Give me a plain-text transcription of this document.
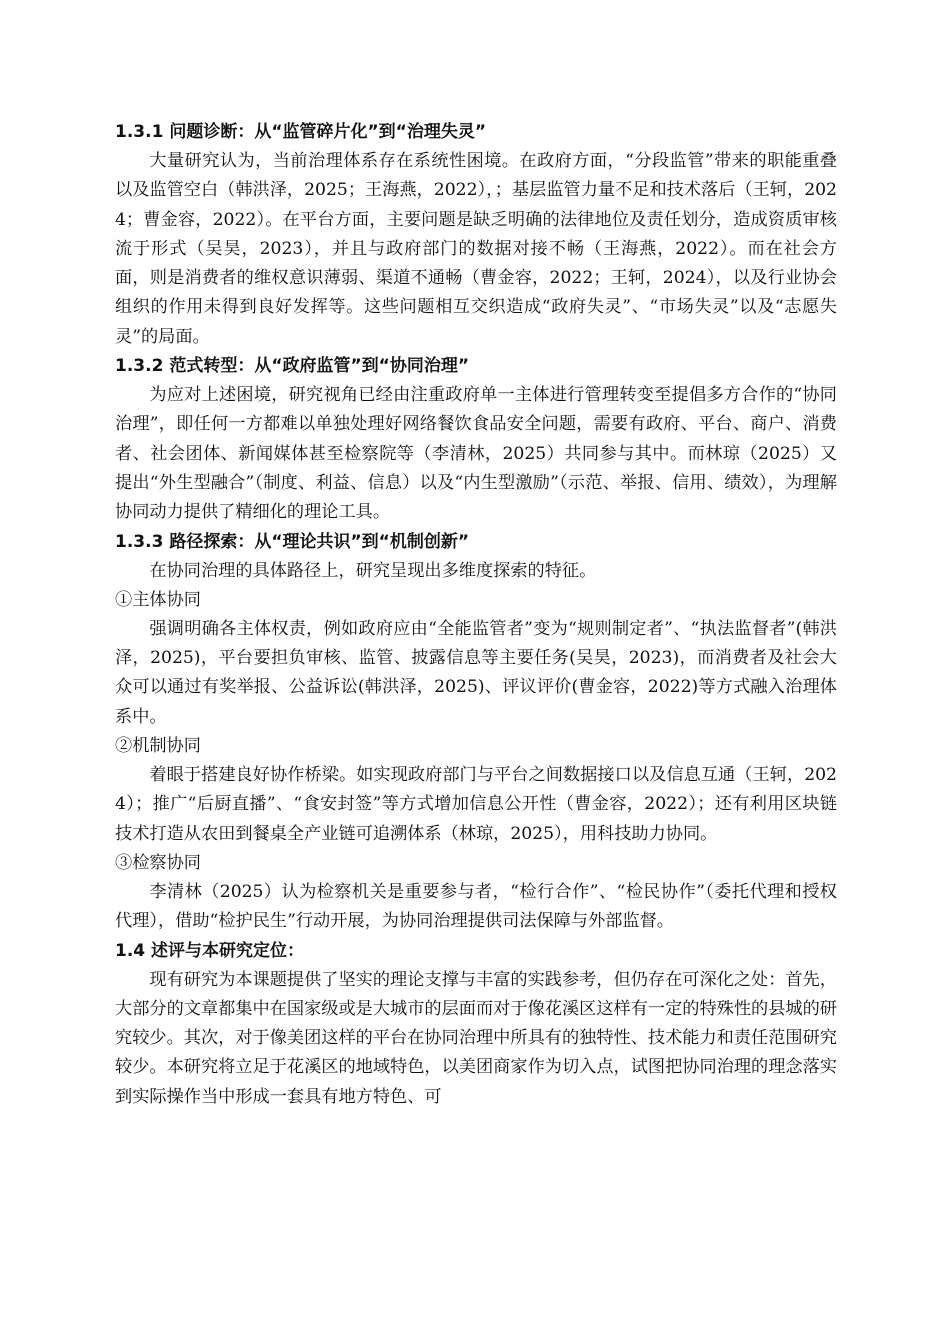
1.3.1 问题诊断：从“监管碎片化”到“治理失灵”

大量研究认为，当前治理体系存在系统性困境。在政府方面，“分段监管”带来的职能重叠以及监管空白（韩洪泽，2025；王海燕，2022），；基层监管力量不足和技术落后（王轲，2024；曹金容，2022）。在平台方面，主要问题是缺乏明确的法律地位及责任划分，造成资质审核流于形式（吴昊，2023），并且与政府部门的数据对接不畅（王海燕，2022）。而在社会方面，则是消费者的维权意识薄弱、渠道不通畅（曹金容，2022；王轲，2024），以及行业协会组织的作用未得到良好发挥等。这些问题相互交织造成“政府失灵”、“市场失灵”以及“志愿失灵”的局面。

1.3.2 范式转型：从“政府监管”到“协同治理”

为应对上述困境，研究视角已经由注重政府单一主体进行管理转变至提倡多方合作的“协同治理”，即任何一方都难以单独处理好网络餐饮食品安全问题，需要有政府、平台、商户、消费者、社会团体、新闻媒体甚至检察院等（李清林，2025）共同参与其中。而林琼（2025）又提出“外生型融合”（制度、利益、信息）以及“内生型激励”（示范、举报、信用、绩效），为理解协同动力提供了精细化的理论工具。

1.3.3 路径探索：从“理论共识”到“机制创新”

在协同治理的具体路径上，研究呈现出多维度探索的特征。

①主体协同

强调明确各主体权责，例如政府应由“全能监管者”变为“规则制定者”、“执法监督者”(韩洪泽，2025)，平台要担负审核、监管、披露信息等主要任务(吴昊，2023)，而消费者及社会大众可以通过有奖举报、公益诉讼(韩洪泽，2025)、评议评价(曹金容，2022)等方式融入治理体系中。

②机制协同

着眼于搭建良好协作桥梁。如实现政府部门与平台之间数据接口以及信息互通（王轲，2024）；推广“后厨直播”、“食安封签”等方式增加信息公开性（曹金容，2022）；还有利用区块链技术打造从农田到餐桌全产业链可追溯体系（林琼，2025），用科技助力协同。

③检察协同

李清林（2025）认为检察机关是重要参与者，“检行合作”、“检民协作”（委托代理和授权代理），借助“检护民生”行动开展，为协同治理提供司法保障与外部监督。

1.4 述评与本研究定位：

现有研究为本课题提供了坚实的理论支撑与丰富的实践参考，但仍存在可深化之处：首先，大部分的文章都集中在国家级或是大城市的层面而对于像花溪区这样有一定的特殊性的县城的研究较少。其次，对于像美团这样的平台在协同治理中所具有的独特性、技术能力和责任范围研究较少。本研究将立足于花溪区的地域特色，以美团商家作为切入点，试图把协同治理的理念落实到实际操作当中形成一套具有地方特色、可
